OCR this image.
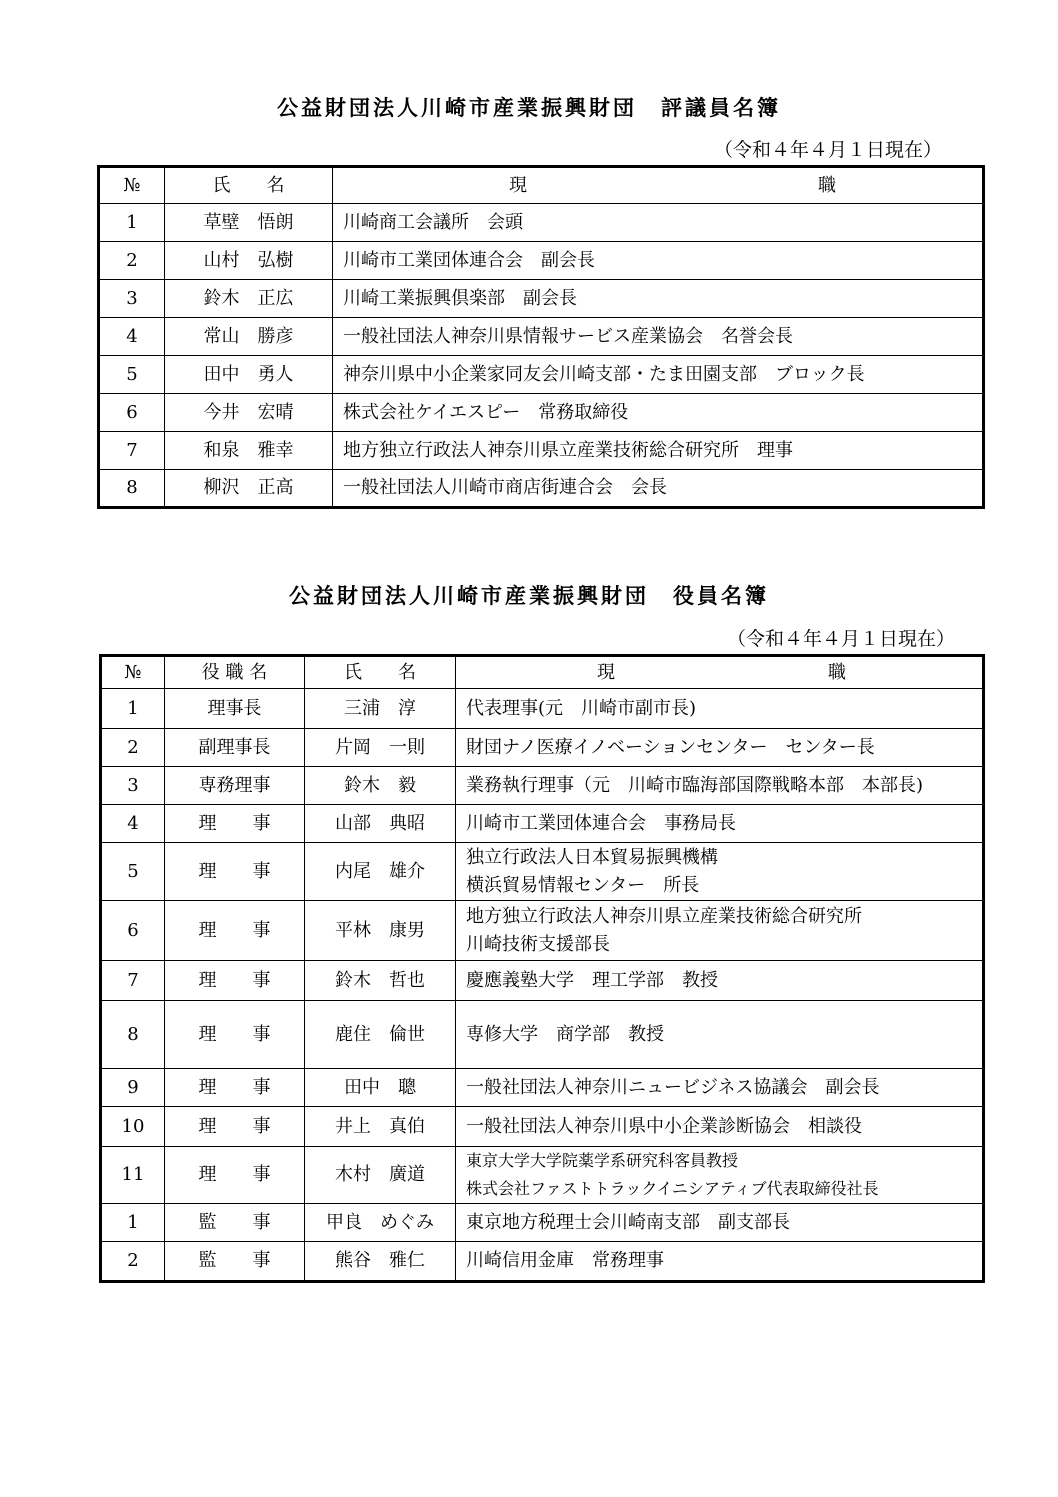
公益財団法人川崎市産業振興財団　評議員名簿
（令和４年４月１日現在）
№	氏　　名	現 職

1	草壁　悟朗	川崎商工会議所　会頭
2	山村　弘樹	川崎市工業団体連合会　副会長
3	鈴木　正広	川崎工業振興倶楽部　副会長
4	常山　勝彦	一般社団法人神奈川県情報サービス産業協会　名誉会長
5	田中　勇人	神奈川県中小企業家同友会川崎支部・たま田園支部　ブロック長
6	今井　宏晴	株式会社ケイエスピー　常務取締役
7	和泉　雅幸	地方独立行政法人神奈川県立産業技術総合研究所　理事
8	柳沢　正高	一般社団法人川崎市商店街連合会　会長
公益財団法人川崎市産業振興財団　役員名簿
（令和４年４月１日現在）
№	役 職 名	氏　　名	現 職

1	理事長	三浦　淳	代表理事(元　川崎市副市長)

2	副理事長	片岡　一則	財団ナノ医療イノベーションセンター　センター長

3	専務理事	鈴木　毅	業務執行理事（元　川崎市臨海部国際戦略本部　本部長)

4	理　　事	山部　典昭	川崎市工業団体連合会　事務局長

5	理　　事	内尾　雄介	独立行政法人日本貿易振興機構
横浜貿易情報センター　所長

6	理　　事	平林　康男	地方独立行政法人神奈川県立産業技術総合研究所
川崎技術支援部長

7	理　　事	鈴木　哲也	慶應義塾大学　理工学部　教授

8	理　　事	鹿住　倫世	専修大学　商学部　教授

9	理　　事	田中　聰	一般社団法人神奈川ニュービジネス協議会　副会長

10	理　　事	井上　真伯	一般社団法人神奈川県中小企業診断協会　相談役

11	理　　事	木村　廣道	東京大学大学院薬学系研究科客員教授
株式会社ファストトラックイニシアティブ代表取締役社長

1	監　　事	甲良　めぐみ	東京地方税理士会川崎南支部　副支部長

2	監　　事	熊谷　雅仁	川崎信用金庫　常務理事
